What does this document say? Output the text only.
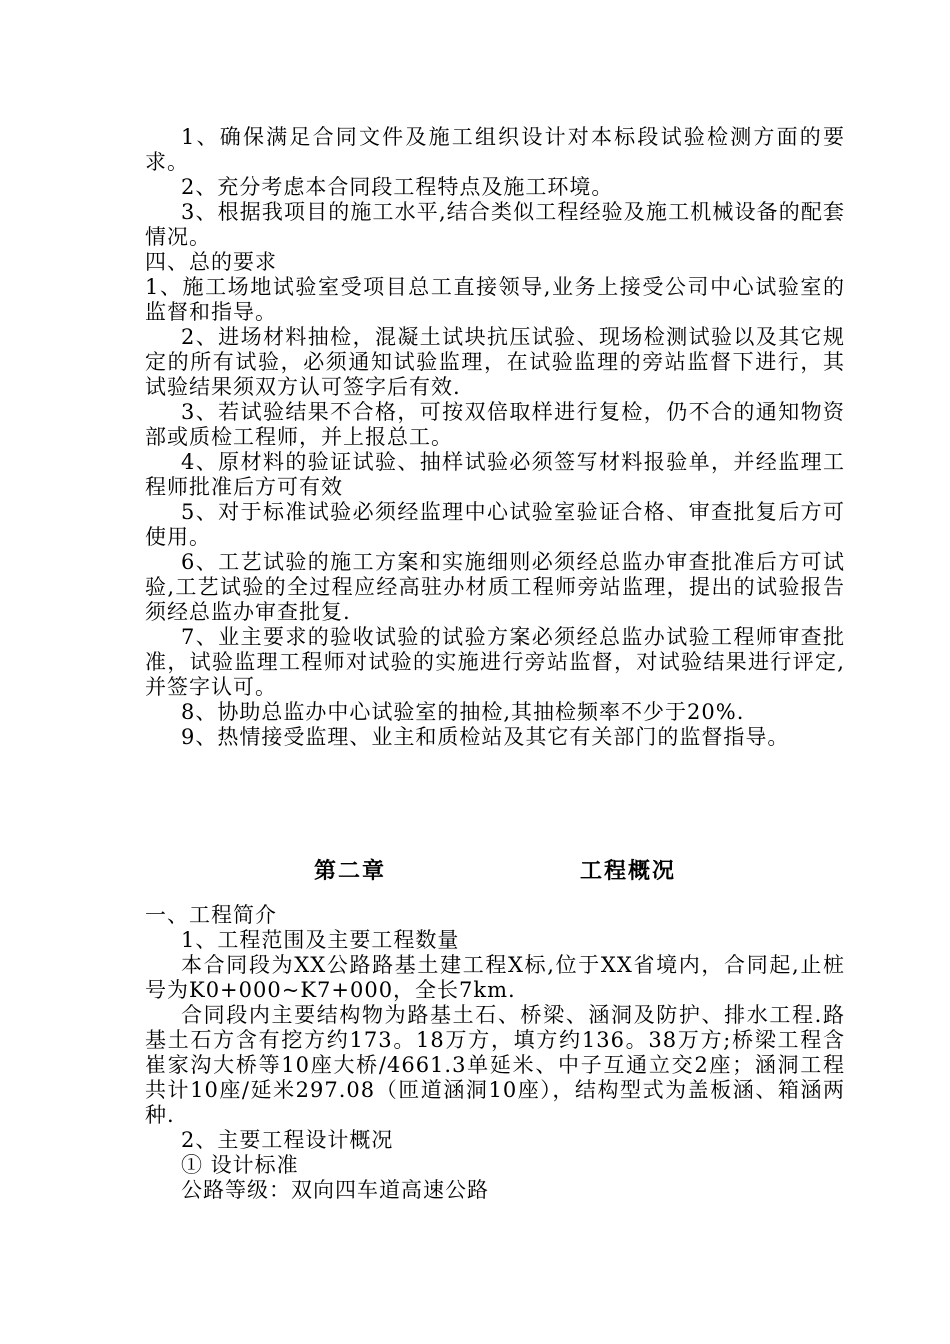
1、确保满足合同文件及施工组织设计对本标段试验检测方面的要求。

2、充分考虑本合同段工程特点及施工环境。

3、根据我项目的施工水平,结合类似工程经验及施工机械设备的配套情况。

四、总的要求

1、施工场地试验室受项目总工直接领导,业务上接受公司中心试验室的监督和指导。

2、进场材料抽检，混凝土试块抗压试验、现场检测试验以及其它规定的所有试验，必须通知试验监理，在试验监理的旁站监督下进行，其试验结果须双方认可签字后有效.

3、若试验结果不合格，可按双倍取样进行复检，仍不合的通知物资部或质检工程师，并上报总工。

4、原材料的验证试验、抽样试验必须签写材料报验单，并经监理工程师批准后方可有效

5、对于标准试验必须经监理中心试验室验证合格、审查批复后方可使用。

6、工艺试验的施工方案和实施细则必须经总监办审查批准后方可试验,工艺试验的全过程应经高驻办材质工程师旁站监理，提出的试验报告须经总监办审查批复.

7、业主要求的验收试验的试验方案必须经总监办试验工程师审查批准，试验监理工程师对试验的实施进行旁站监督，对试验结果进行评定,并签字认可。

8、协助总监办中心试验室的抽检,其抽检频率不少于20%.

9、热情接受监理、业主和质检站及其它有关部门的监督指导。

第二章	工程概况

一、工程简介

1、工程范围及主要工程数量

本合同段为XX公路路基土建工程X标,位于XX省境内，合同起,止桩号为K0+000~K7+000，全长7km.

合同段内主要结构物为路基土石、桥梁、涵洞及防护、排水工程.路基土石方含有挖方约173。18万方，填方约136。38万方;桥梁工程含崔家沟大桥等10座大桥/4661.3单延米、中子互通立交2座；涵洞工程共计10座/延米297.08（匝道涵洞10座），结构型式为盖板涵、箱涵两种.

2、主要工程设计概况

① 设计标准

公路等级：双向四车道高速公路
